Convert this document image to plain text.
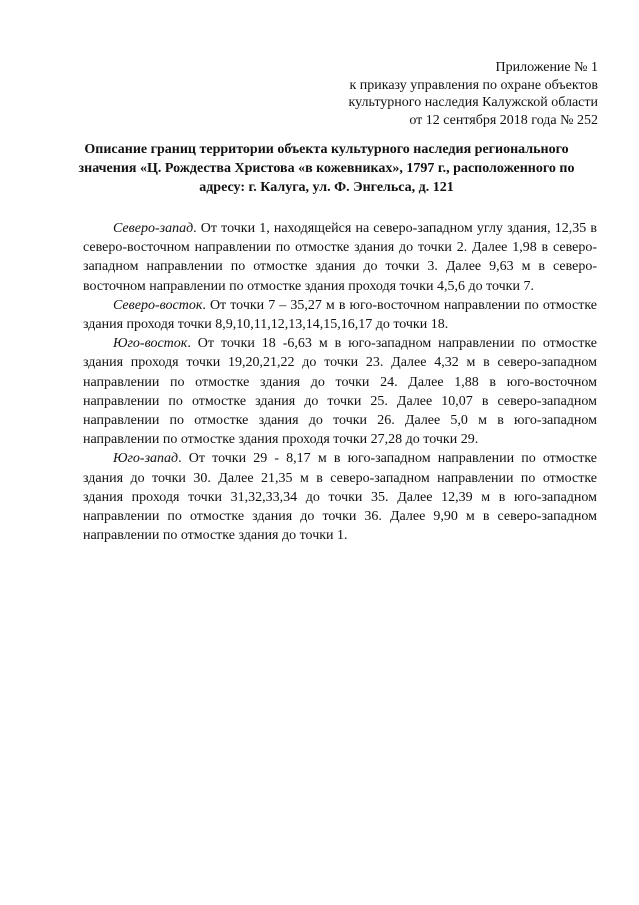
Приложение № 1
к приказу управления по охране объектов
культурного наследия Калужской области
от 12 сентября 2018 года № 252
Описание границ территории объекта культурного наследия регионального
значения «Ц. Рождества Христова «в кожевниках», 1797 г., расположенного по
адресу: г. Калуга, ул. Ф. Энгельса, д. 121

Северо-запад. От точки 1, находящейся на северо-западном углу здания, 12,35 в северо-восточном направлении по отмостке здания до точки 2. Далее 1,98 в северо-западном направлении по отмостке здания до точки 3. Далее 9,63 м в северо-восточном направлении по отмостке здания проходя точки 4,5,6 до точки 7.

Северо-восток. От точки 7 – 35,27 м в юго-восточном направлении по отмостке здания проходя точки 8,9,10,11,12,13,14,15,16,17 до точки 18.

Юго-восток. От точки 18 -6,63 м в юго-западном направлении по отмостке здания проходя точки 19,20,21,22 до точки 23. Далее 4,32 м в северо-западном направлении по отмостке здания до точки 24. Далее 1,88 в юго-восточном направлении по отмостке здания до точки 25. Далее 10,07 в северо-западном направлении по отмостке здания до точки 26. Далее 5,0 м в юго-западном направлении по отмостке здания проходя точки 27,28 до точки 29.

Юго-запад. От точки 29 - 8,17 м в юго-западном направлении по отмостке здания до точки 30. Далее 21,35 м в северо-западном направлении по отмостке здания проходя точки 31,32,33,34 до точки 35. Далее 12,39 м в юго-западном направлении по отмостке здания до точки 36. Далее 9,90 м в северо-западном направлении по отмостке здания до точки 1.
